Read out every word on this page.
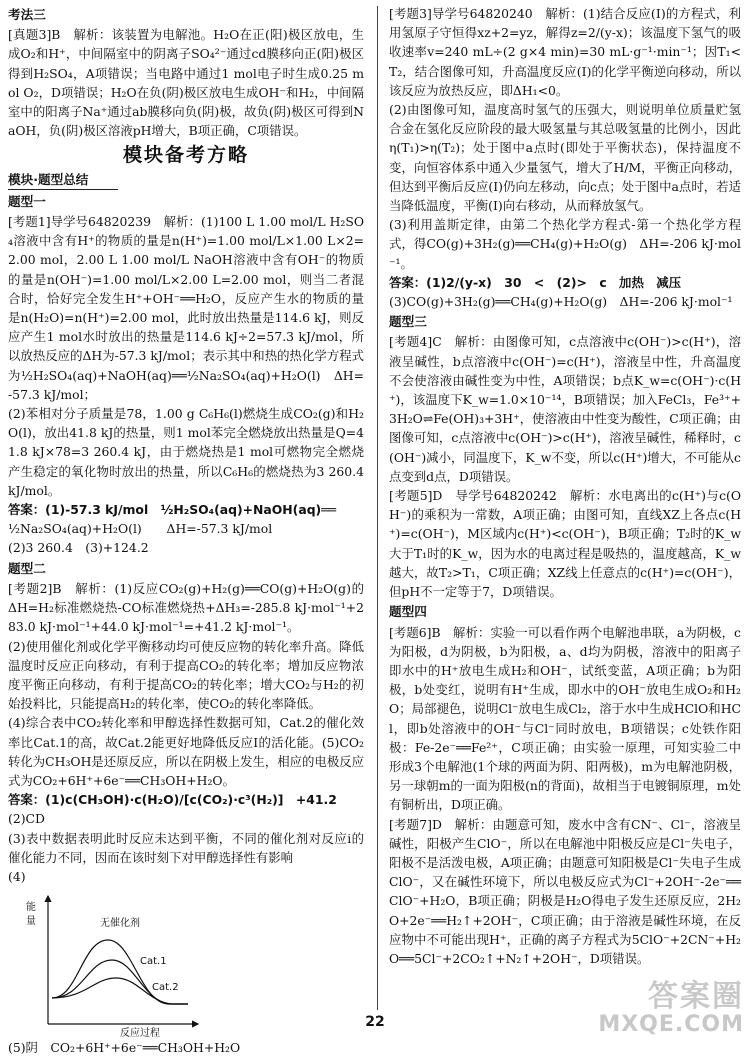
考法三

[真题3]B　解析：该装置为电解池。H₂O在正(阳)极区放电，生成O₂和H⁺，中间隔室中的阴离子SO₄²⁻通过cd膜移向正(阳)极区得到H₂SO₄，A项错误；当电路中通过1 mol电子时生成0.25 mol O₂，D项错误；H₂O在负(阴)极区放电生成OH⁻和H₂，中间隔室中的阳离子Na⁺通过ab膜移向负(阴)极，故负(阴)极区可得到NaOH，负(阴)极区溶液pH增大，B项正确，C项错误。

模块备考方略
模块·题型总结
题型一

[考题1]导学号64820239　解析：(1)100 L 1.00 mol/L H₂SO₄溶液中含有H⁺的物质的量是n(H⁺)=1.00 mol/L×1.00 L×2=2.00 mol，2.00 L 1.00 mol/L NaOH溶液中含有OH⁻的物质的量是n(OH⁻)=1.00 mol/L×2.00 L=2.00 mol，则当二者混合时，恰好完全发生H⁺+OH⁻══H₂O，反应产生水的物质的量是n(H₂O)=n(H⁺)=2.00 mol，此时放出热量是114.6 kJ，则反应产生1 mol水时放出的热量是114.6 kJ÷2=57.3 kJ/mol，所以放热反应的ΔH为-57.3 kJ/mol；表示其中和热的热化学方程式为½H₂SO₄(aq)+NaOH(aq)══½Na₂SO₄(aq)+H₂O(l)　ΔH=-57.3 kJ/mol；

(2)苯相对分子质量是78，1.00 g C₆H₆(l)燃烧生成CO₂(g)和H₂O(l)，放出41.8 kJ的热量，则1 mol苯完全燃烧放出热量是Q=41.8 kJ×78=3 260.4 kJ，由于燃烧热是1 mol可燃物完全燃烧产生稳定的氧化物时放出的热量，所以C₆H₆的燃烧热为3 260.4 kJ/mol。

答案：(1)-57.3 kJ/mol　½H₂SO₄(aq)+NaOH(aq)══

½Na₂SO₄(aq)+H₂O(l)　　ΔH=-57.3 kJ/mol

(2)3 260.4　(3)+124.2

题型二

[考题2]B　解析：(1)反应CO₂(g)+H₂(g)══CO(g)+H₂O(g)的ΔH=H₂标准燃烧热-CO标准燃烧热+ΔH₃=-285.8 kJ·mol⁻¹+283.0 kJ·mol⁻¹+44.0 kJ·mol⁻¹=+41.2 kJ·mol⁻¹。

(2)使用催化剂或化学平衡移动均可使反应物的转化率升高。降低温度时反应正向移动，有利于提高CO₂的转化率；增加反应物浓度平衡正向移动，有利于提高CO₂的转化率；增大CO₂与H₂的初始投料比，只能提高H₂的转化率，使CO₂的转化率降低。

(4)综合表中CO₂转化率和甲醇选择性数据可知，Cat.2的催化效率比Cat.1的高，故Cat.2能更好地降低反应Ⅰ的活化能。(5)CO₂转化为CH₃OH是还原反应，所以在阴极上发生，相应的电极反应式为CO₂+6H⁺+6e⁻══CH₃OH+H₂O。

答案：(1)c(CH₃OH)·c(H₂O)/[c(CO₂)·c³(H₂)]　+41.2

(2)CD

(3)表中数据表明此时反应未达到平衡，不同的催化剂对反应ⅰ的催化能力不同，因而在该时刻下对甲醇选择性有影响

(4)

能
量
反应过程
无催化剂
Cat.1
Cat.2

(5)阴　CO₂+6H⁺+6e⁻══CH₃OH+H₂O

[考题3]导学号64820240　解析：(1)结合反应(Ⅰ)的方程式，利用氢原子守恒得xz+2=yz，解得z=2/(y-x)；该温度下氢气的吸收速率v=240 mL÷(2 g×4 min)=30 mL·g⁻¹·min⁻¹；因T₁<T₂，结合图像可知，升高温度反应(Ⅰ)的化学平衡逆向移动，所以该反应为放热反应，即ΔH₁<0。

(2)由图像可知，温度高时氢气的压强大，则说明单位质量贮氢合金在氢化反应阶段的最大吸氢量与其总吸氢量的比例小，因此η(T₁)>η(T₂)；处于图中a点时(即处于平衡状态)，保持温度不变，向恒容体系中通入少量氢气，增大了H/M，平衡正向移动，但达到平衡后反应(Ⅰ)仍向左移动，向c点；处于图中a点时，若适当降低温度，平衡(Ⅰ)向右移动，从而释放氢气。

(3)利用盖斯定律，由第二个热化学方程式-第一个热化学方程式，得CO(g)+3H₂(g)══CH₄(g)+H₂O(g)　ΔH=-206 kJ·mol⁻¹。

答案：(1)2/(y-x)　30　<　(2)>　c　加热　减压

(3)CO(g)+3H₂(g)══CH₄(g)+H₂O(g)　ΔH=-206 kJ·mol⁻¹

题型三

[考题4]C　解析：由图像可知，c点溶液中c(OH⁻)>c(H⁺)，溶液呈碱性，b点溶液中c(OH⁻)=c(H⁺)，溶液呈中性，升高温度不会使溶液由碱性变为中性，A项错误；b点K_w=c(OH⁻)·c(H⁺)，该温度下K_w=1.0×10⁻¹⁴，B项错误；加入FeCl₃，Fe³⁺+3H₂O⇌Fe(OH)₃+3H⁺，使溶液由中性变为酸性，C项正确；由图像可知，c点溶液中c(OH⁻)>c(H⁺)，溶液呈碱性，稀释时，c(OH⁻)减小，同温度下，K_w不变，所以c(H⁺)增大，不可能从c点变到d点，D项错误。

[考题5]D　导学号64820242　解析：水电离出的c(H⁺)与c(OH⁻)的乘积为一常数，A项正确；由图可知，直线XZ上各点c(H⁺)=c(OH⁻)，M区域内c(H⁺)<c(OH⁻)，B项正确；T₂时的K_w大于T₁时的K_w，因为水的电离过程是吸热的，温度越高，K_w越大，故T₂>T₁，C项正确；XZ线上任意点的c(H⁺)=c(OH⁻)，但pH不一定等于7，D项错误。

题型四

[考题6]B　解析：实验一可以看作两个电解池串联，a为阴极，c为阳极，d为阴极，b为阳极，a、d均为阴极，溶液中的阳离子即水中的H⁺放电生成H₂和OH⁻，试纸变蓝，A项正确；b为阳极，b处变红，说明有H⁺生成，即水中的OH⁻放电生成O₂和H₂O；局部褪色，说明Cl⁻放电生成Cl₂，溶于水中生成HClO和HCl，即b处溶液中的OH⁻与Cl⁻同时放电，B项错误；c处铁作阳极：Fe-2e⁻══Fe²⁺，C项正确；由实验一原理，可知实验二中形成3个电解池(1个球的两面为阴、阳两极)，m为电解池阴极，另一球朝m的一面为阳极(n的背面)，故相当于电镀铜原理，m处有铜析出，D项正确。

[考题7]D　解析：由题意可知，废水中含有CN⁻、Cl⁻，溶液呈碱性，阳极产生ClO⁻，所以在电解池中阳极反应是Cl⁻失电子，阳极不是活泼电极，A项正确；由题意可知阳极是Cl⁻失电子生成ClO⁻，又在碱性环境下，所以电极反应式为Cl⁻+2OH⁻-2e⁻══ClO⁻+H₂O，B项正确；阴极是H₂O得电子发生还原反应，2H₂O+2e⁻══H₂↑+2OH⁻，C项正确；由于溶液是碱性环境，在反应物中不可能出现H⁺，正确的离子方程式为5ClO⁻+2CN⁻+H₂O══5Cl⁻+2CO₂↑+N₂↑+2OH⁻，D项错误。

22
答案圈
MXQE.COM
